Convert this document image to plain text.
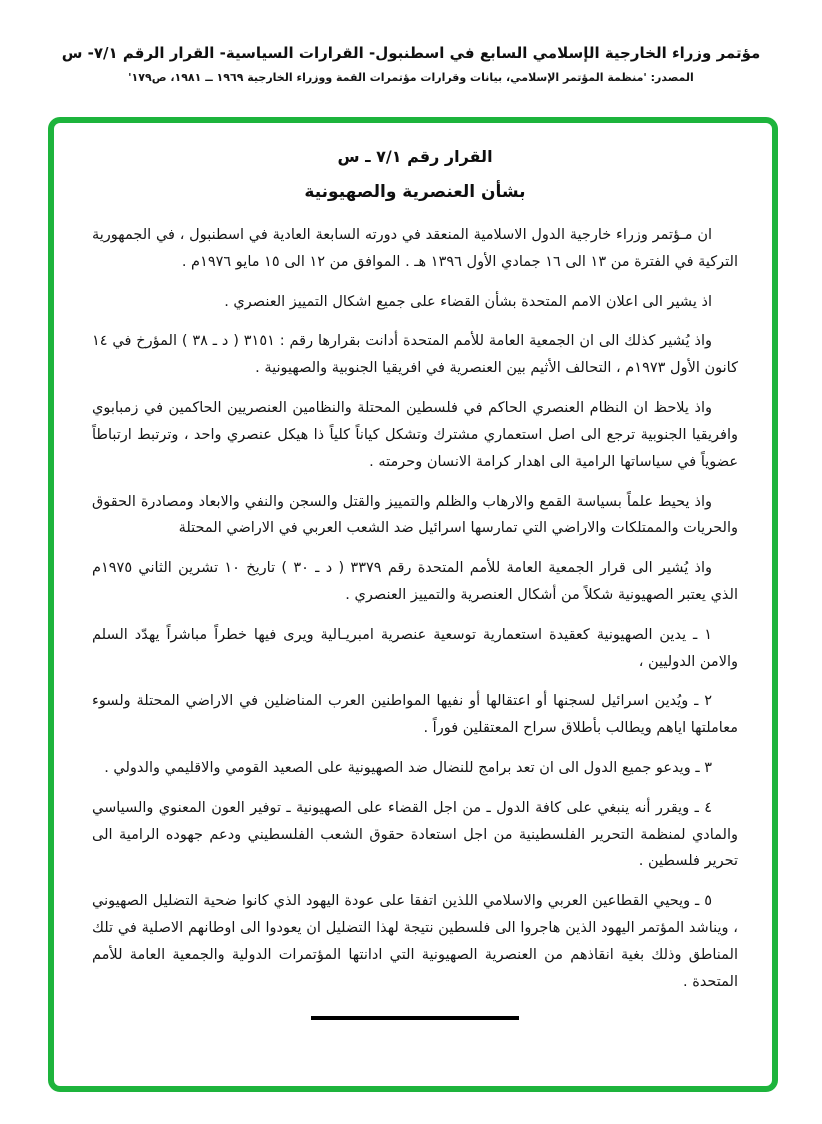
مؤتمر وزراء الخارجية الإسلامي السابع في اسطنبول- القرارات السياسية- القرار الرقم ٧/١- س
المصدر: 'منظمة المؤتمر الإسلامي، بيانات وقرارات مؤتمرات القمة ووزراء الخارجية ١٩٦٩ ــ ١٩٨١، ص١٧٩'
القرار رقم ٧/١ ـ س
بشأن العنصرية والصهيونية

ان مـؤتمر وزراء خارجية الدول الاسلامية المنعقد في دورته السابعة العادية في اسطنبول ، في الجمهورية التركية في الفترة من ١٣ الى ١٦ جمادي الأول ١٣٩٦ هـ . الموافق من ١٢ الى ١٥ مايو ١٩٧٦م .

اذ يشير الى اعلان الامم المتحدة بشأن القضاء على جميع اشكال التمييز العنصري .

واذ يُشير كذلك الى ان الجمعية العامة للأمم المتحدة أدانت بقرارها رقم : ٣١٥١ ( د ـ ٣٨ ) المؤرخ في ١٤ كانون الأول ١٩٧٣م ، التحالف الأثيم بين العنصرية في افريقيا الجنوبية والصهيونية .

واذ يلاحظ ان النظام العنصري الحاكم في فلسطين المحتلة والنظامين العنصريين الحاكمين في زمبابوي وافريقيا الجنوبية ترجع الى اصل استعماري مشترك وتشكل كياناً كلياً ذا هيكل عنصري واحد ، وترتبط ارتباطاً عضوياً في سياساتها الرامية الى اهدار كرامة الانسان وحرمته .

واذ يحيط علماً بسياسة القمع والارهاب والظلم والتمييز والقتل والسجن والنفي والابعاد ومصادرة الحقوق والحريات والممتلكات والاراضي التي تمارسها اسرائيل ضد الشعب العربي في الاراضي المحتلة

واذ يُشير الى قرار الجمعية العامة للأمم المتحدة رقم ٣٣٧٩ ( د ـ ٣٠ ) تاريخ ١٠ تشرين الثاني ١٩٧٥م الذي يعتبر الصهيونية شكلاً من أشكال العنصرية والتمييز العنصري .

١ ـ يدين الصهيونية كعقيدة استعمارية توسعية عنصرية امبريـالية ويرى فيها خطراً مباشراً يهدّد السلم والامن الدوليين ،

٢ ـ ويُدين اسرائيل لسجنها أو اعتقالها أو نفيها المواطنين العرب المناضلين في الاراضي المحتلة ولسوء معاملتها اياهم ويطالب بأطلاق سراح المعتقلين فوراً .

٣ ـ ويدعو جميع الدول الى ان تعد برامج للنضال ضد الصهيونية على الصعيد القومي والاقليمي والدولي .

٤ ـ ويقرر أنه ينبغي على كافة الدول ـ من اجل القضاء على الصهيونية ـ توفير العون المعنوي والسياسي والمادي لمنظمة التحرير الفلسطينية من اجل استعادة حقوق الشعب الفلسطيني ودعم جهوده الرامية الى تحرير فلسطين .

٥ ـ ويحيي القطاعين العربي والاسلامي اللذين اتفقا على عودة اليهود الذي كانوا ضحية التضليل الصهيوني ، ويناشد المؤتمر اليهود الذين هاجروا الى فلسطين نتيجة لهذا التضليل ان يعودوا الى اوطانهم الاصلية في تلك المناطق وذلك بغية انقاذهم من العنصرية الصهيونية التي ادانتها المؤتمرات الدولية والجمعية العامة للأمم المتحدة .
